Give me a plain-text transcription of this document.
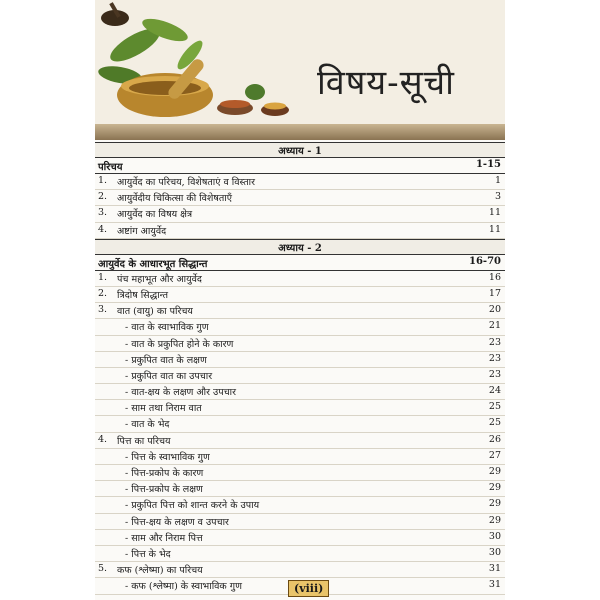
विषय-सूची
अध्याय - 1
परिचय	1-15
1.	आयुर्वेद का परिचय, विशेषताएं व विस्तार	1
2.	आयुर्वेदीय चिकित्सा की विशेषताएँ	3
3.	आयुर्वेद का विषय क्षेत्र	11
4.	अष्टांग आयुर्वेद	11
अध्याय - 2
आयुर्वेद के आधारभूत सिद्धान्त	16-70
1.	पंच महाभूत और आयुर्वेद	16
2.	त्रिदोष सिद्धान्त	17
3.	वात (वायु) का परिचय	20
- वात के स्वाभाविक गुण	21
- वात के प्रकुपित होने के कारण	23
- प्रकुपित वात के लक्षण	23
- प्रकुपित वात का उपचार	23
- वात-क्षय के लक्षण और उपचार	24
- साम तथा निराम वात	25
- वात के भेद	25
4.	पित्त का परिचय	26
- पित्त के स्वाभाविक गुण	27
- पित्त-प्रकोप के कारण	29
- पित्त-प्रकोप के लक्षण	29
- प्रकुपित पित्त को शान्त करने के उपाय	29
- पित्त-क्षय के लक्षण व उपचार	29
- साम और निराम पित्त	30
- पित्त के भेद	30
5.	कफ (श्लेष्मा) का परिचय	31
- कफ (श्लेष्मा) के स्वाभाविक गुण	31
(viii)
